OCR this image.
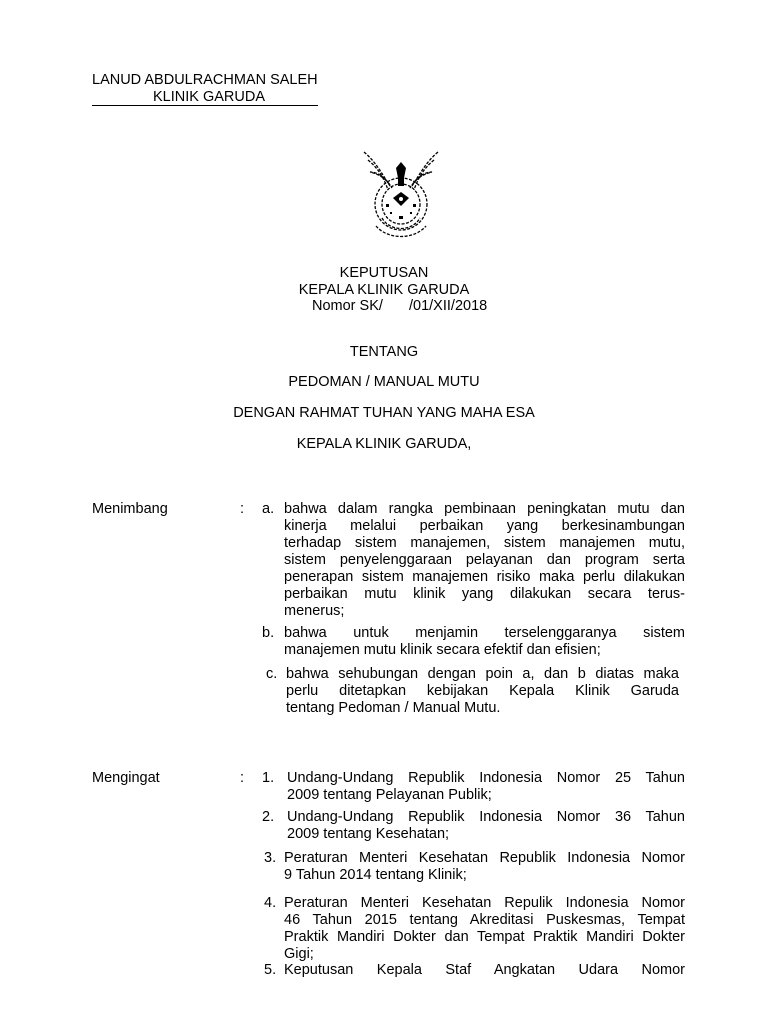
LANUD ABDULRACHMAN SALEH
KLINIK GARUDA
KEPUTUSAN
KEPALA KLINIK GARUDA
Nomor SK/ /01/XII/2018
TENTANG
PEDOMAN / MANUAL MUTU
DENGAN RAHMAT TUHAN YANG MAHA ESA
KEPALA KLINIK GARUDA,
Menimbang	: a. bahwa dalam rangka pembinaan peningkatan mutu dan
kinerja melalui perbaikan yang berkesinambungan
terhadap sistem manajemen, sistem manajemen mutu,
sistem penyelenggaraan pelayanan dan program serta
penerapan sistem manajemen risiko maka perlu dilakukan
perbaikan mutu klinik yang dilakukan secara terus-
menerus;
b. bahwa untuk menjamin terselenggaranya sistem
manajemen mutu klinik secara efektif dan efisien;
c. bahwa sehubungan dengan poin a, dan b diatas maka
perlu ditetapkan kebijakan Kepala Klinik Garuda
tentang Pedoman / Manual Mutu.
Mengingat	: 1. Undang-Undang Republik Indonesia Nomor 25 Tahun
2009 tentang Pelayanan Publik;
2. Undang-Undang Republik Indonesia Nomor 36 Tahun
2009 tentang Kesehatan;
3. Peraturan Menteri Kesehatan Republik Indonesia Nomor
9 Tahun 2014 tentang Klinik;
4. Peraturan Menteri Kesehatan Repulik Indonesia Nomor
46 Tahun 2015 tentang Akreditasi Puskesmas, Tempat
Praktik Mandiri Dokter dan Tempat Praktik Mandiri Dokter
Gigi;
5. Keputusan Kepala Staf Angkatan Udara Nomor
